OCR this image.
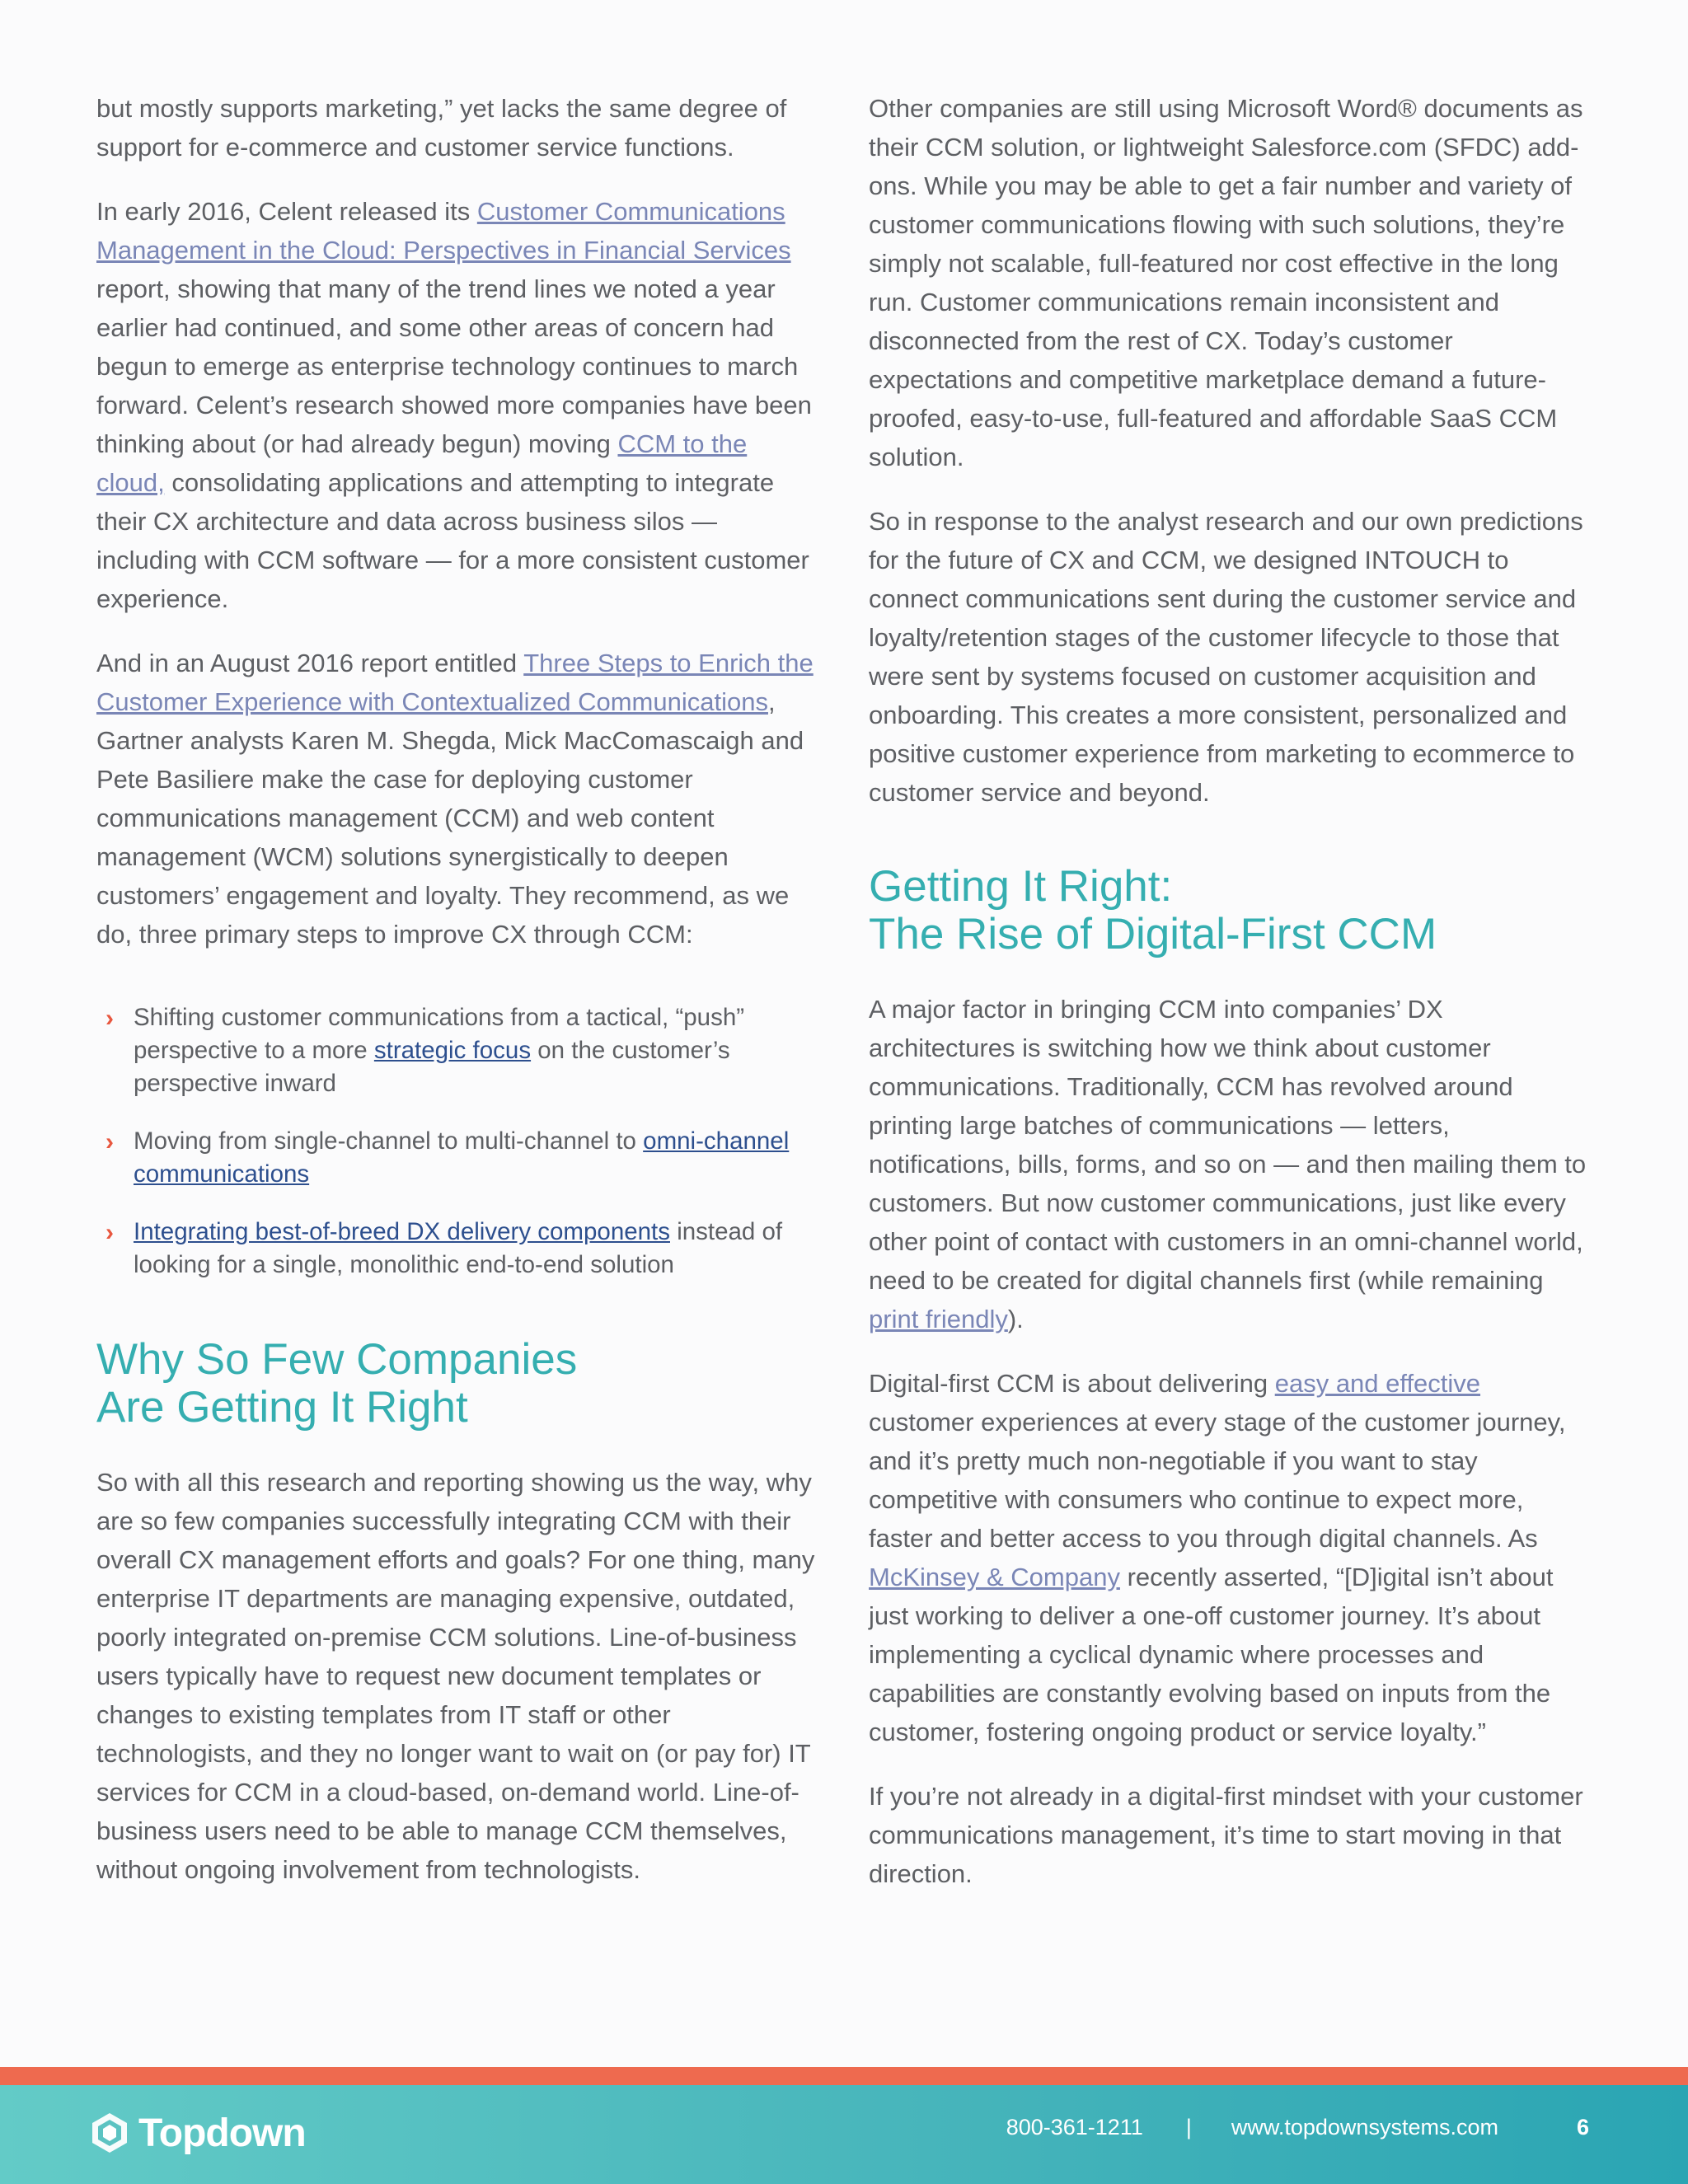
but mostly supports marketing,” yet lacks the same degree of support for e-commerce and customer service functions.

In early 2016, Celent released its Customer Communications Management in the Cloud: Perspectives in Financial Services report, showing that many of the trend lines we noted a year earlier had continued, and some other areas of concern had begun to emerge as enterprise technology continues to march forward. Celent’s research showed more companies have been thinking about (or had already begun) moving CCM to the cloud, consolidating applications and attempting to integrate their CX architecture and data across business silos — including with CCM software — for a more consistent customer experience.

And in an August 2016 report entitled Three Steps to Enrich the Customer Experience with Contextualized Communications, Gartner analysts Karen M. Shegda, Mick MacComascaigh and Pete Basiliere make the case for deploying customer communications management (CCM) and web content management (WCM) solutions synergistically to deepen customers’ engagement and loyalty. They recommend, as we do, three primary steps to improve CX through CCM:

› Shifting customer communications from a tactical, “push” perspective to a more strategic focus on the customer’s perspective inward
› Moving from single-channel to multi-channel to omni-channel communications
› Integrating best-of-breed DX delivery components instead of looking for a single, monolithic end-to-end solution
Why So Few Companies
Are Getting It Right

So with all this research and reporting showing us the way, why are so few companies successfully integrating CCM with their overall CX management efforts and goals? For one thing, many enterprise IT departments are managing expensive, outdated, poorly integrated on-premise CCM solutions. Line-of-business users typically have to request new document templates or changes to existing templates from IT staff or other technologists, and they no longer want to wait on (or pay for) IT services for CCM in a cloud-based, on-demand world. Line-of-business users need to be able to manage CCM themselves, without ongoing involvement from technologists.

Other companies are still using Microsoft Word® documents as their CCM solution, or lightweight Salesforce.com (SFDC) add-ons. While you may be able to get a fair number and variety of customer communications flowing with such solutions, they’re simply not scalable, full-featured nor cost effective in the long run. Customer communications remain inconsistent and disconnected from the rest of CX. Today’s customer expectations and competitive marketplace demand a future-proofed, easy-to-use, full-featured and affordable SaaS CCM solution.

So in response to the analyst research and our own predictions for the future of CX and CCM, we designed INTOUCH to connect communications sent during the customer service and loyalty/retention stages of the customer lifecycle to those that were sent by systems focused on customer acquisition and onboarding. This creates a more consistent, personalized and positive customer experience from marketing to ecommerce to customer service and beyond.

Getting It Right:
The Rise of Digital-First CCM

A major factor in bringing CCM into companies’ DX architectures is switching how we think about customer communications. Traditionally, CCM has revolved around printing large batches of communications — letters, notifications, bills, forms, and so on — and then mailing them to customers. But now customer communications, just like every other point of contact with customers in an omni-channel world, need to be created for digital channels first (while remaining print friendly).

Digital-first CCM is about delivering easy and effective customer experiences at every stage of the customer journey, and it’s pretty much non-negotiable if you want to stay competitive with consumers who continue to expect more, faster and better access to you through digital channels. As McKinsey & Company recently asserted, “[D]igital isn’t about just working to deliver a one-off customer journey. It’s about implementing a cyclical dynamic where processes and capabilities are constantly evolving based on inputs from the customer, fostering ongoing product or service loyalty.”

If you’re not already in a digital-first mindset with your customer communications management, it’s time to start moving in that direction.

Topdown	800-361-1211 | www.topdownsystems.com	6
